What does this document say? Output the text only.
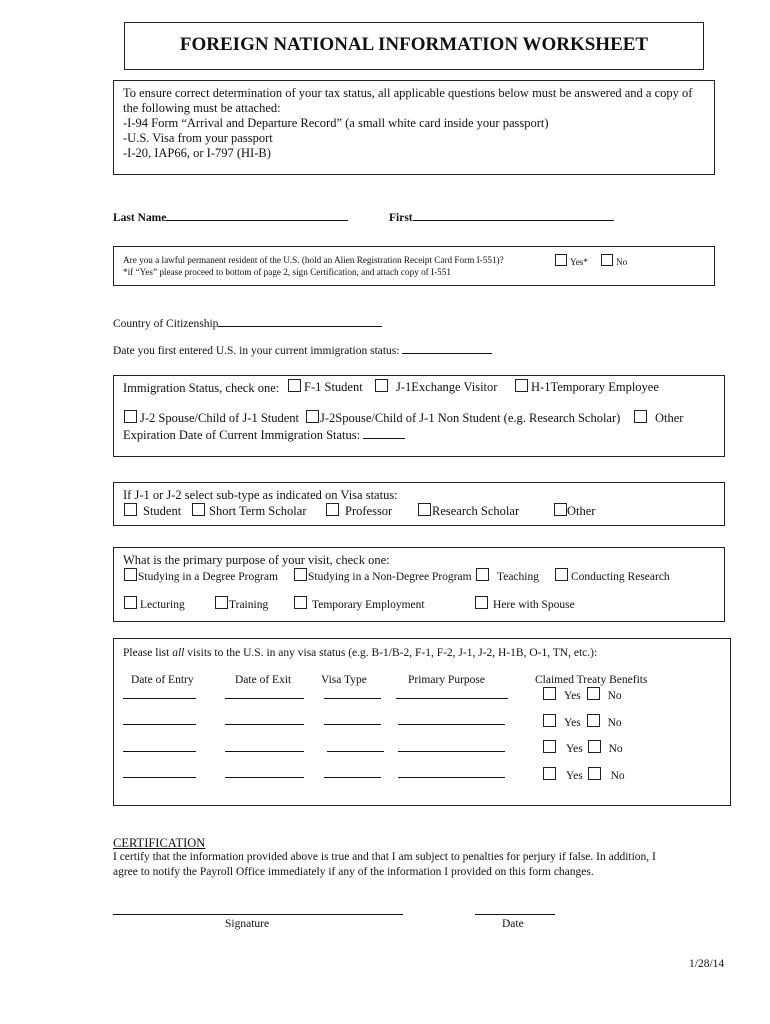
FOREIGN NATIONAL INFORMATION WORKSHEET
To ensure correct determination of your tax status, all applicable questions below must be answered and a copy of
the following must be attached:
-I-94 Form “Arrival and Departure Record” (a small white card inside your passport)
-U.S. Visa from your passport
-I-20, IAP66, or I-797 (HI-B)
Last Name	First
Are you a lawful permanent resident of the U.S. (hold an Alien Registration Receipt Card Form I-551)?	Yes*	No
*if “Yes” please proceed to bottom of page 2, sign Certification, and attach copy of I-551
Country of Citizenship
Date you first entered U.S. in your current immigration status:
Immigration Status, check one:	F-1 Student	J-1Exchange Visitor	H-1Temporary Employee
J-2 Spouse/Child of J-1 Student	J-2Spouse/Child of J-1 Non Student (e.g. Research Scholar)	Other
Expiration Date of Current Immigration Status:
If J-1 or J-2 select sub-type as indicated on Visa status:
Student	Short Term Scholar	Professor	Research Scholar	Other
What is the primary purpose of your visit, check one:
Studying in a Degree Program	Studying in a Non-Degree Program	Teaching	Conducting Research
Lecturing	Training	Temporary Employment	Here with Spouse
Please list all visits to the U.S. in any visa status (e.g. B-1/B-2, F-1, F-2, J-1, J-2, H-1B, O-1, TN, etc.):
Date of Entry	Date of Exit	Visa Type	Primary Purpose	Claimed Treaty Benefits
Yes No
Yes No
Yes No
Yes No
CERTIFICATION
I certify that the information provided above is true and that I am subject to penalties for perjury if false. In addition, I
agree to notify the Payroll Office immediately if any of the information I provided on this form changes.
Signature	Date
1/28/14
